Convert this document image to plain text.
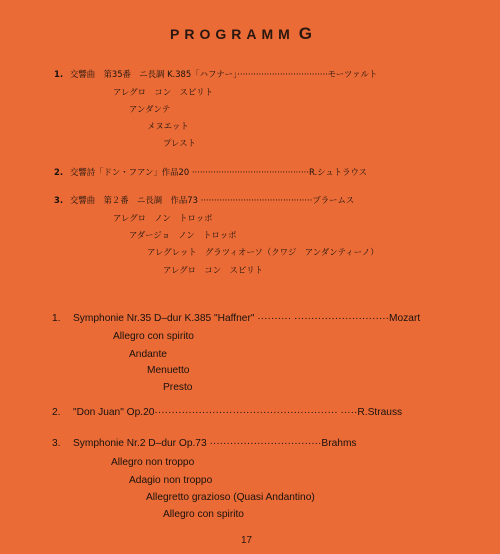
PROGRAMM G
1. 交響曲　第35番　ニ長調 K.385「ハフナー」··································モーツァルト
アレグロ　コン　スピリト
アンダンテ
メヌエット
プレスト
2. 交響詩「ドン・フアン」作品20 ············································R.シュトラウス
3. 交響曲　第２番　ニ長調　作品73 ··········································ブラームス
アレグロ　ノン　トロッポ
アダージョ　ノン　トロッポ
アレグレット　グラツィオーソ（クワジ　アンダンティーノ）
アレグロ　コン　スピリト
1. Symphonie Nr.35 D–dur K.385 "Haffner" ·········· ····························Mozart
Allegro con spirito
Andante
Menuetto
Presto
2. "Don Juan" Op.20······················································ ·····R.Strauss
3. Symphonie Nr.2 D–dur Op.73 ·································Brahms
Allegro non troppo
Adagio non troppo
Allegretto grazioso (Quasi Andantino)
Allegro con spirito
17
